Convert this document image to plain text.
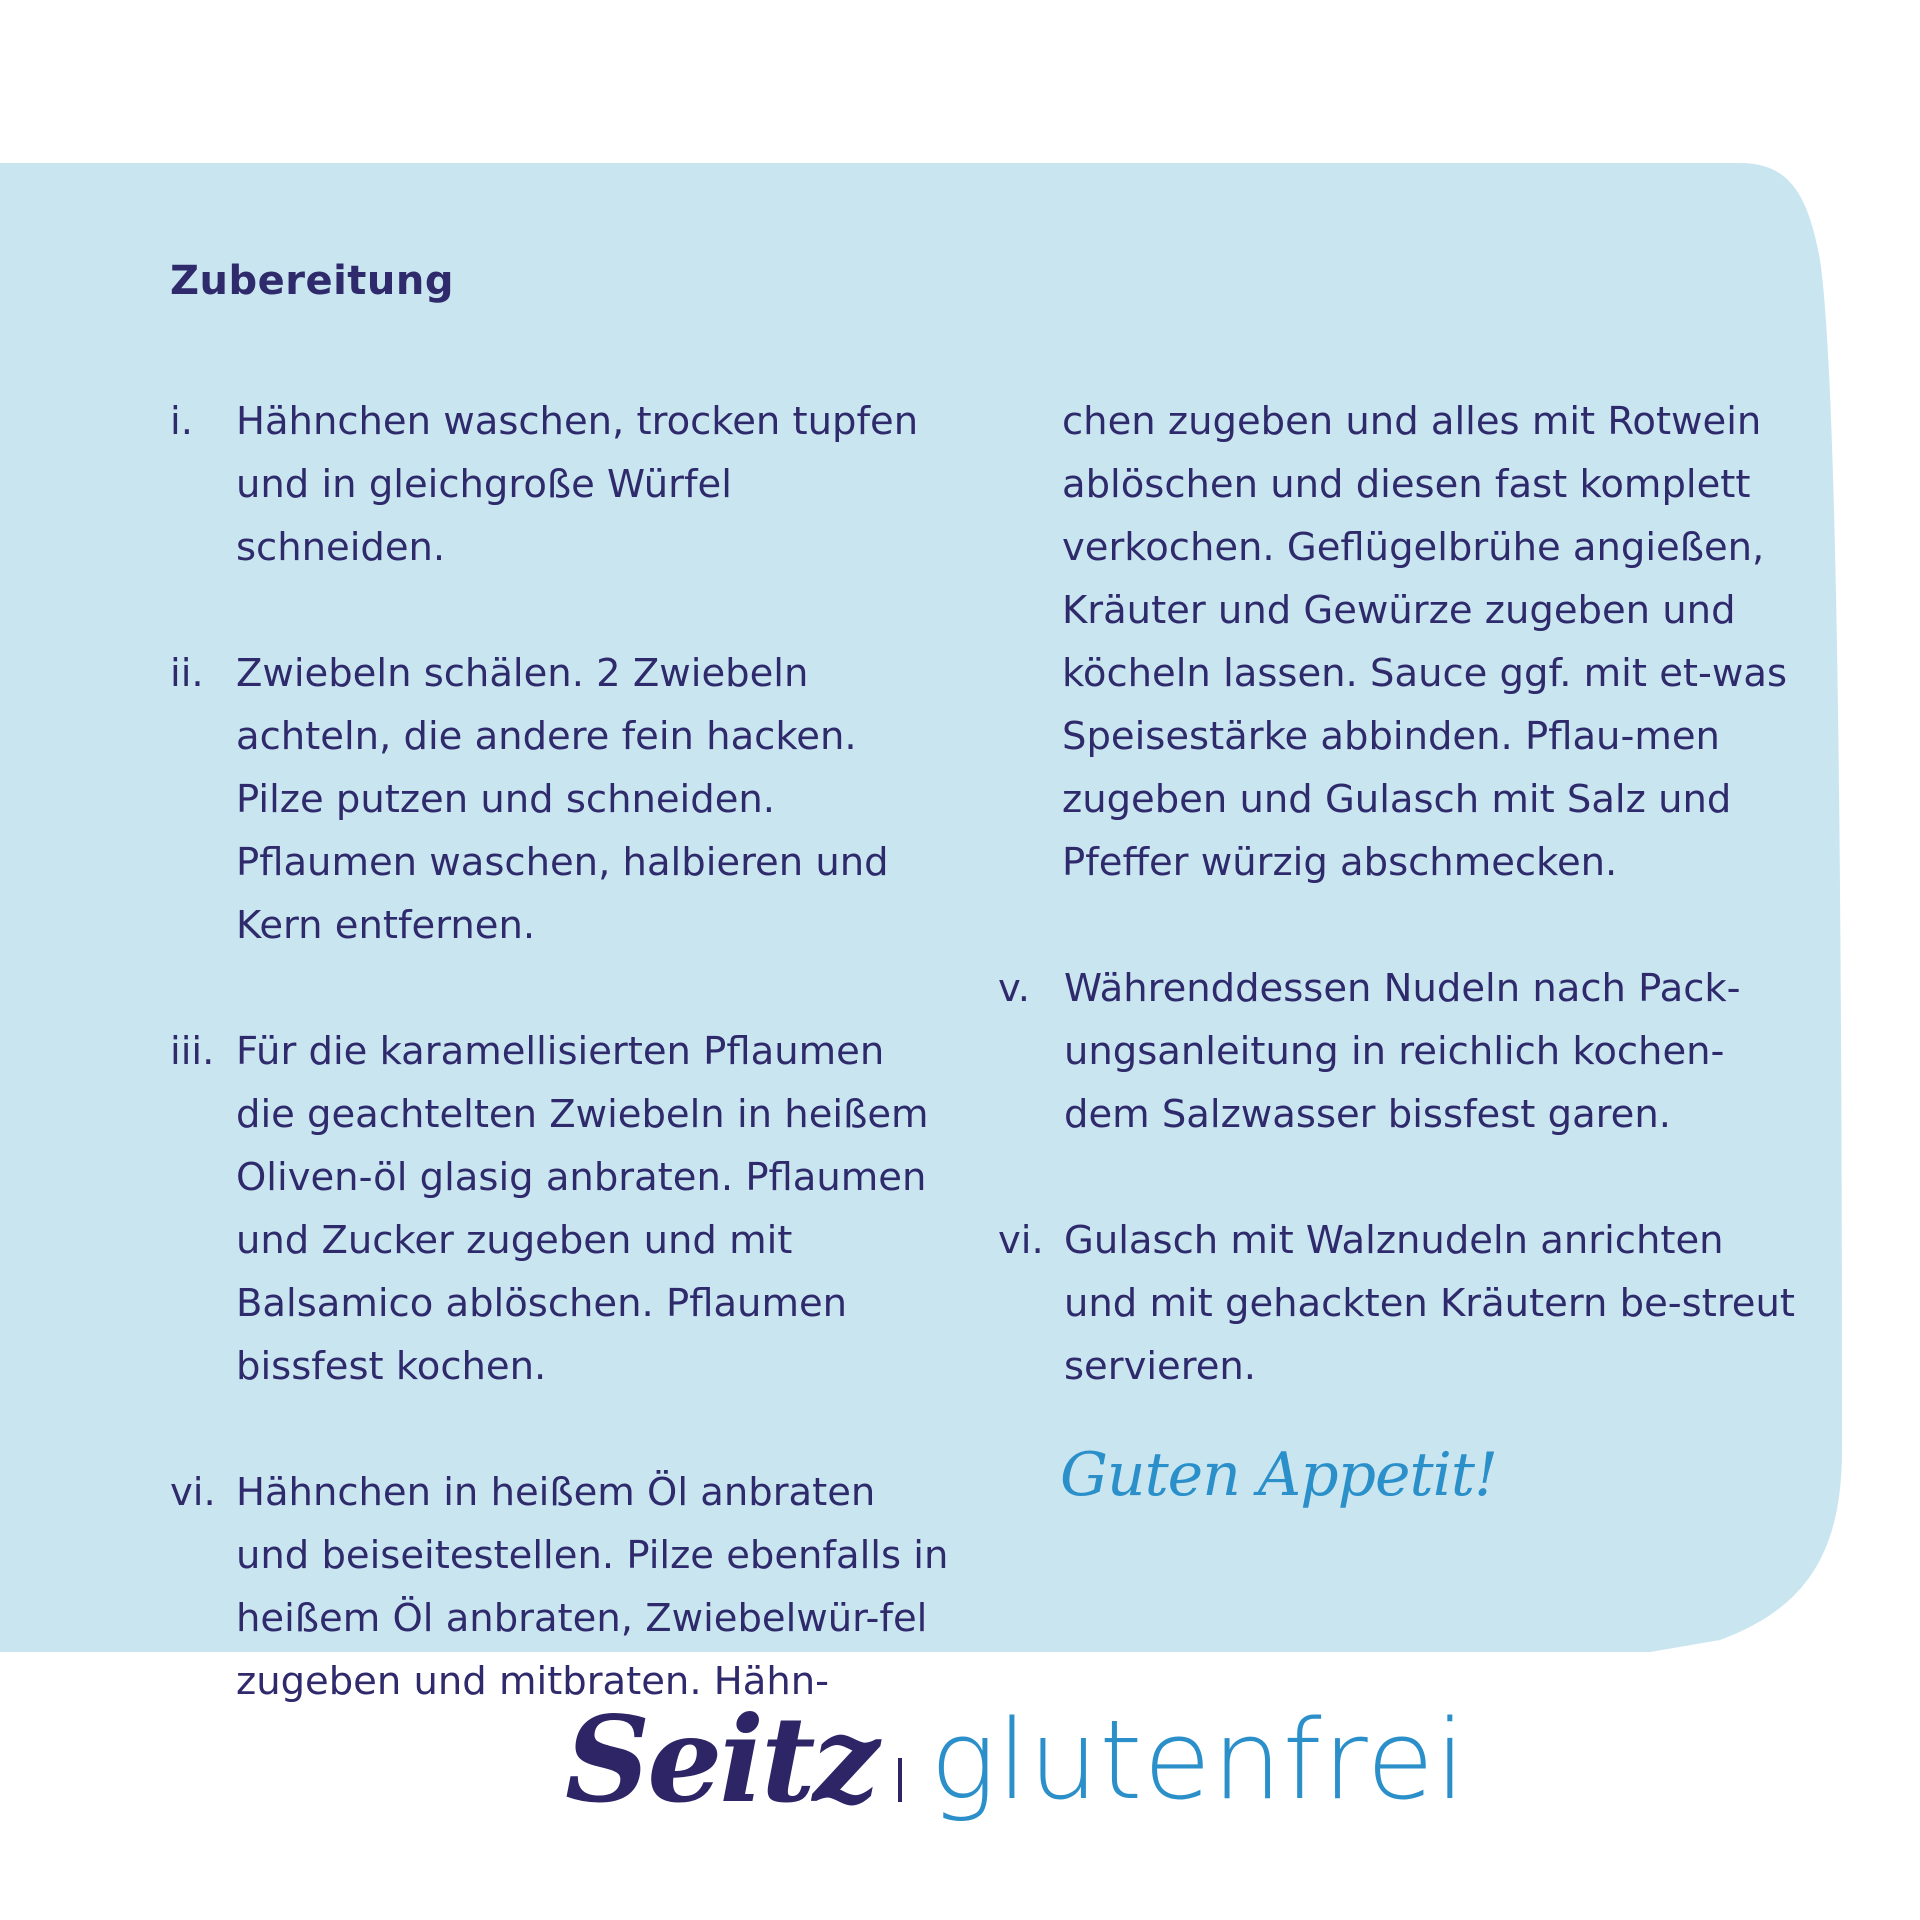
Zubereitung
i. Hähnchen waschen, trocken tupfen und in gleichgroße Würfel schneiden.
ii. Zwiebeln schälen. 2 Zwiebeln achteln, die andere fein hacken. Pilze putzen und schneiden. Pflaumen waschen, halbieren und Kern entfernen.
iii. Für die karamellisierten Pflaumen die geachtelten Zwiebeln in heißem Oliven-öl glasig anbraten. Pflaumen und Zucker zugeben und mit Balsamico ablöschen. Pflaumen bissfest kochen.
vi. Hähnchen in heißem Öl anbraten und beiseitestellen. Pilze ebenfalls in heißem Öl anbraten, Zwiebelwür-fel zugeben und mitbraten. Hähn-
chen zugeben und alles mit Rotwein ablöschen und diesen fast komplett verkochen. Geflügelbrühe angießen, Kräuter und Gewürze zugeben und köcheln lassen. Sauce ggf. mit et-was Speisestärke abbinden. Pflau-men zugeben und Gulasch mit Salz und Pfeffer würzig abschmecken.
v. Währenddessen Nudeln nach Pack-ungsanleitung in reichlich kochen-dem Salzwasser bissfest garen.
vi. Gulasch mit Walznudeln anrichten und mit gehackten Kräutern be-streut servieren.
Guten Appetit!
Seitz glutenfrei
